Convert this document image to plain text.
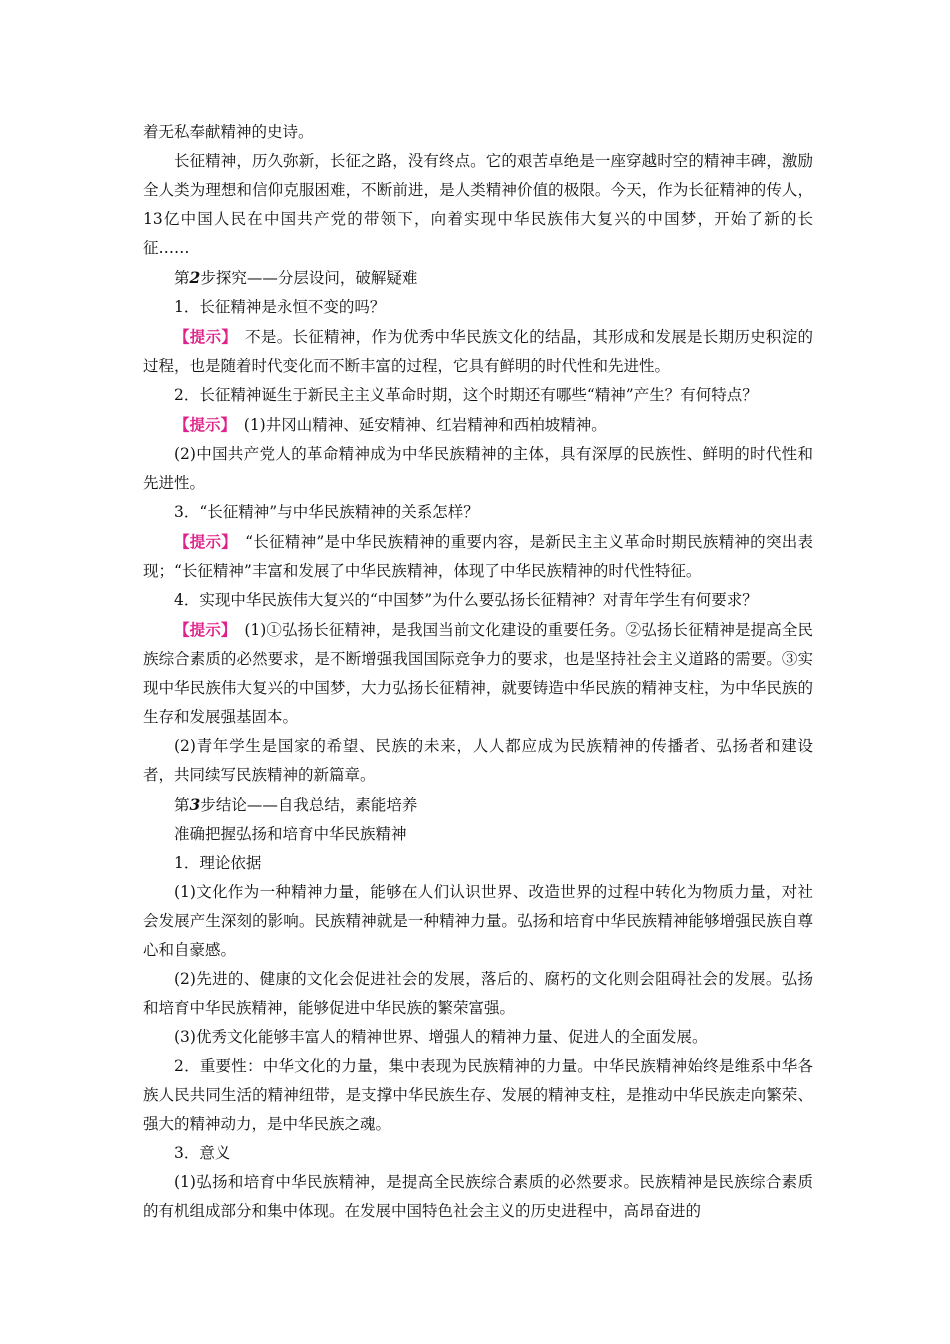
着无私奉献精神的史诗。

长征精神，历久弥新，长征之路，没有终点。它的艰苦卓绝是一座穿越时空的精神丰碑，激励全人类为理想和信仰克服困难，不断前进，是人类精神价值的极限。今天，作为长征精神的传人，13亿中国人民在中国共产党的带领下，向着实现中华民族伟大复兴的中国梦，开始了新的长征……

第2步探究——分层设问，破解疑难

1．长征精神是永恒不变的吗？

【提示】　不是。长征精神，作为优秀中华民族文化的结晶，其形成和发展是长期历史积淀的过程，也是随着时代变化而不断丰富的过程，它具有鲜明的时代性和先进性。

2．长征精神诞生于新民主主义革命时期，这个时期还有哪些“精神”产生？有何特点？

【提示】　(1)井冈山精神、延安精神、红岩精神和西柏坡精神。

(2)中国共产党人的革命精神成为中华民族精神的主体，具有深厚的民族性、鲜明的时代性和先进性。

3．“长征精神”与中华民族精神的关系怎样？

【提示】　“长征精神”是中华民族精神的重要内容，是新民主主义革命时期民族精神的突出表现；“长征精神”丰富和发展了中华民族精神，体现了中华民族精神的时代性特征。

4．实现中华民族伟大复兴的“中国梦”为什么要弘扬长征精神？对青年学生有何要求？

【提示】　(1)①弘扬长征精神，是我国当前文化建设的重要任务。②弘扬长征精神是提高全民族综合素质的必然要求，是不断增强我国国际竞争力的要求，也是坚持社会主义道路的需要。③实现中华民族伟大复兴的中国梦，大力弘扬长征精神，就要铸造中华民族的精神支柱，为中华民族的生存和发展强基固本。

(2)青年学生是国家的希望、民族的未来，人人都应成为民族精神的传播者、弘扬者和建设者，共同续写民族精神的新篇章。

第3步结论——自我总结，素能培养

准确把握弘扬和培育中华民族精神

1．理论依据

(1)文化作为一种精神力量，能够在人们认识世界、改造世界的过程中转化为物质力量，对社会发展产生深刻的影响。民族精神就是一种精神力量。弘扬和培育中华民族精神能够增强民族自尊心和自豪感。

(2)先进的、健康的文化会促进社会的发展，落后的、腐朽的文化则会阻碍社会的发展。弘扬和培育中华民族精神，能够促进中华民族的繁荣富强。

(3)优秀文化能够丰富人的精神世界、增强人的精神力量、促进人的全面发展。

2．重要性：中华文化的力量，集中表现为民族精神的力量。中华民族精神始终是维系中华各族人民共同生活的精神纽带，是支撑中华民族生存、发展的精神支柱，是推动中华民族走向繁荣、强大的精神动力，是中华民族之魂。

3．意义

(1)弘扬和培育中华民族精神，是提高全民族综合素质的必然要求。民族精神是民族综合素质的有机组成部分和集中体现。在发展中国特色社会主义的历史进程中，高昂奋进的
